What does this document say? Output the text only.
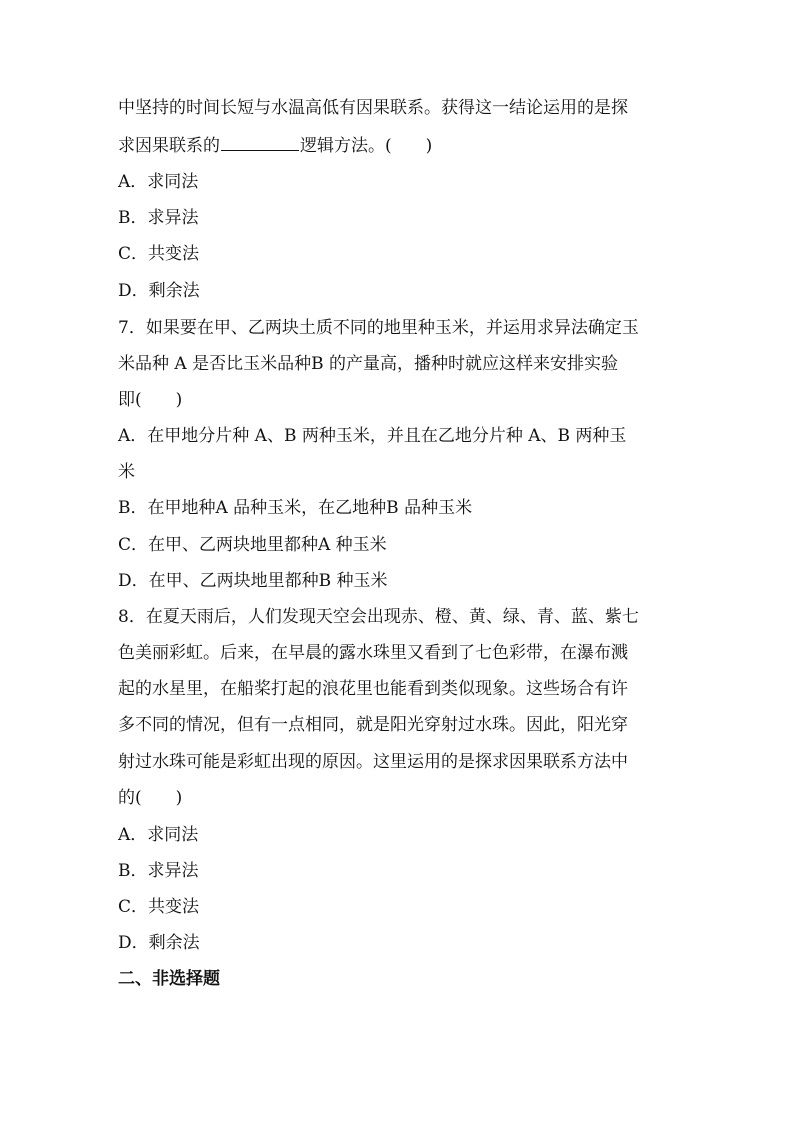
中坚持的时间长短与水温高低有因果联系。获得这一结论运用的是探
求因果联系的	逻辑方法。(　　)
A．求同法
B．求异法
C．共变法
D．剩余法
7．如果要在甲、乙两块土质不同的地里种玉米，并运用求异法确定玉
米品种 A 是否比玉米品种B 的产量高，播种时就应这样来安排实验
即(　　)
A．在甲地分片种 A、B 两种玉米，并且在乙地分片种 A、B 两种玉
米
B．在甲地种A 品种玉米，在乙地种B 品种玉米
C．在甲、乙两块地里都种A 种玉米
D．在甲、乙两块地里都种B 种玉米
8．在夏天雨后，人们发现天空会出现赤、橙、黄、绿、青、蓝、紫七
色美丽彩虹。后来，在早晨的露水珠里又看到了七色彩带，在瀑布溅
起的水星里，在船桨打起的浪花里也能看到类似现象。这些场合有许
多不同的情况，但有一点相同，就是阳光穿射过水珠。因此，阳光穿
射过水珠可能是彩虹出现的原因。这里运用的是探求因果联系方法中
的(　　)
A．求同法
B．求异法
C．共变法
D．剩余法
二、非选择题
